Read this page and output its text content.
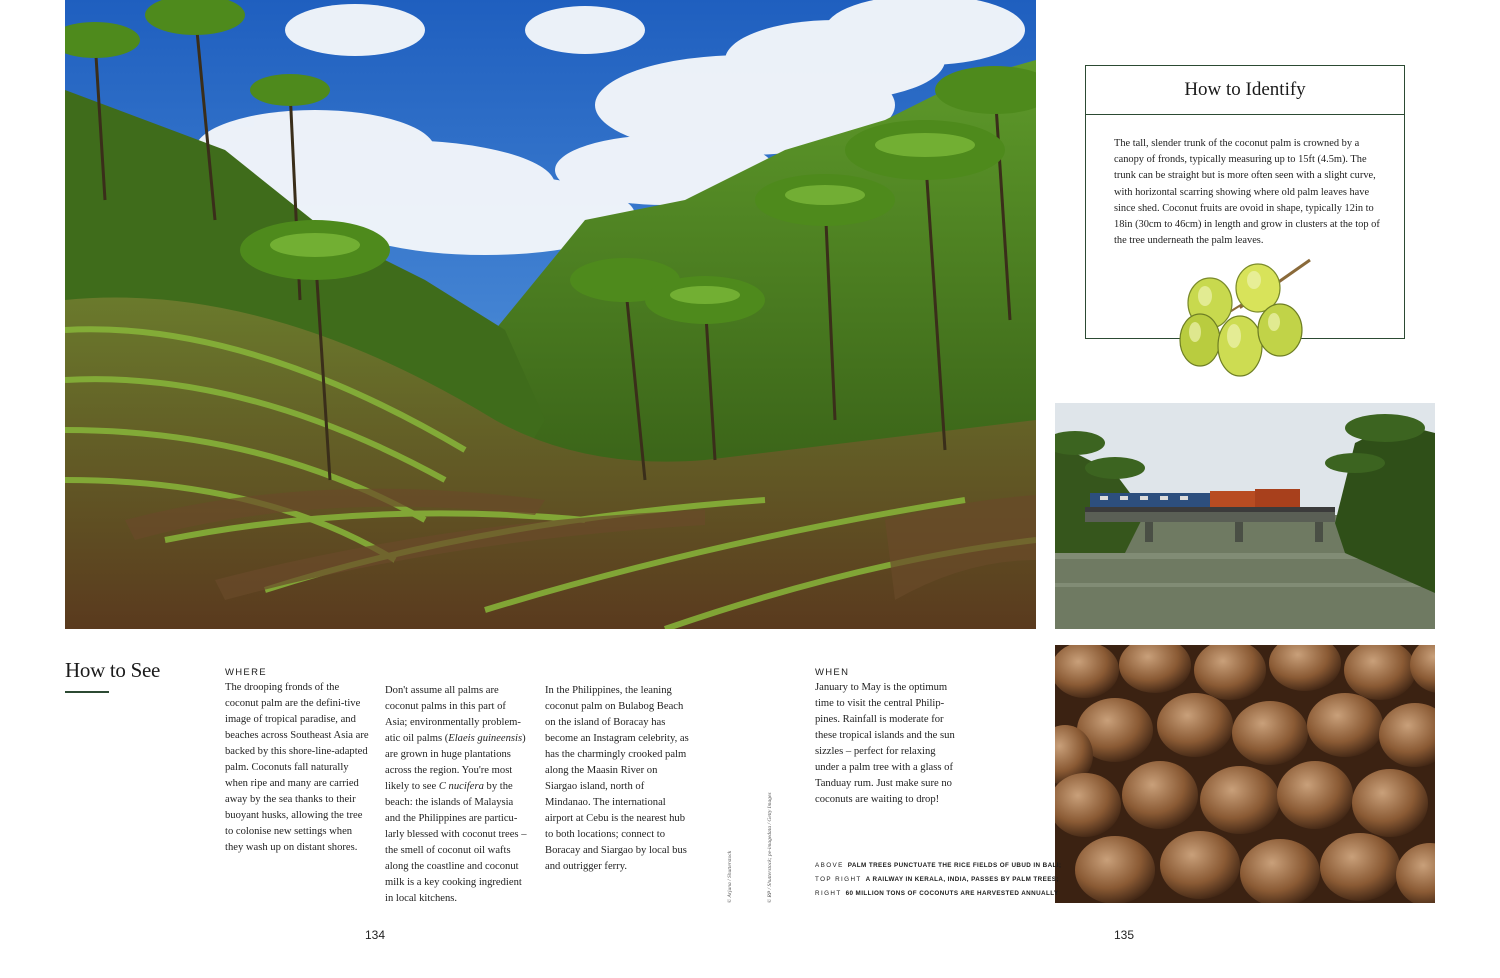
How to Identify
The tall, slender trunk of the coconut palm is crowned by a canopy of fronds, typically measuring up to 15ft (4.5m). The trunk can be straight but is more often seen with a slight curve, with horizontal scarring showing where old palm leaves have since shed. Coconut fruits are ovoid in shape, typically 12in to 18in (30cm to 46cm) in length and grow in clusters at the top of the tree underneath the palm leaves.
How to See	WHERE
The drooping fronds of the coconut palm are the defini-tive image of tropical paradise, and beaches across Southeast Asia are backed by this shore-line-adapted palm. Coconuts fall naturally when ripe and many are carried away by the sea thanks to their buoyant husks, allowing the tree to colonise new settings when they wash up on distant shores.
Don't assume all palms are coconut palms in this part of Asia; environmentally problem-atic oil palms (Elaeis guineensis) are grown in huge plantations across the region. You're most likely to see C nucifera by the beach: the islands of Malaysia and the Philippines are particu-larly blessed with coconut trees – the smell of coconut oil wafts along the coastline and coconut milk is a key cooking ingredient in local kitchens.
In the Philippines, the leaning coconut palm on Bulabog Beach on the island of Boracay has become an Instagram celebrity, as has the charmingly crooked palm along the Maasin River on Siargao island, north of Mindanao. The international airport at Cebu is the nearest hub to both locations; connect to Boracay and Siargao by local bus and outrigger ferry.
WHEN
January to May is the optimum time to visit the central Philip-pines. Rainfall is moderate for these tropical islands and the sun sizzles – perfect for relaxing under a palm tree with a glass of Tanduay rum. Just make sure no coconuts are waiting to drop!
ABOVE PALM TREES PUNCTUATE THE RICE FIELDS OF UBUD IN BALI;
TOP RIGHT A RAILWAY IN KERALA, INDIA, PASSES BY PALM TREES;
RIGHT 60 MILLION TONS OF COCONUTS ARE HARVESTED ANNUALLY
© Arjuna / Shutterstock	© RP / Shutterstock; pe-imagedata / Getty Images
134	135
